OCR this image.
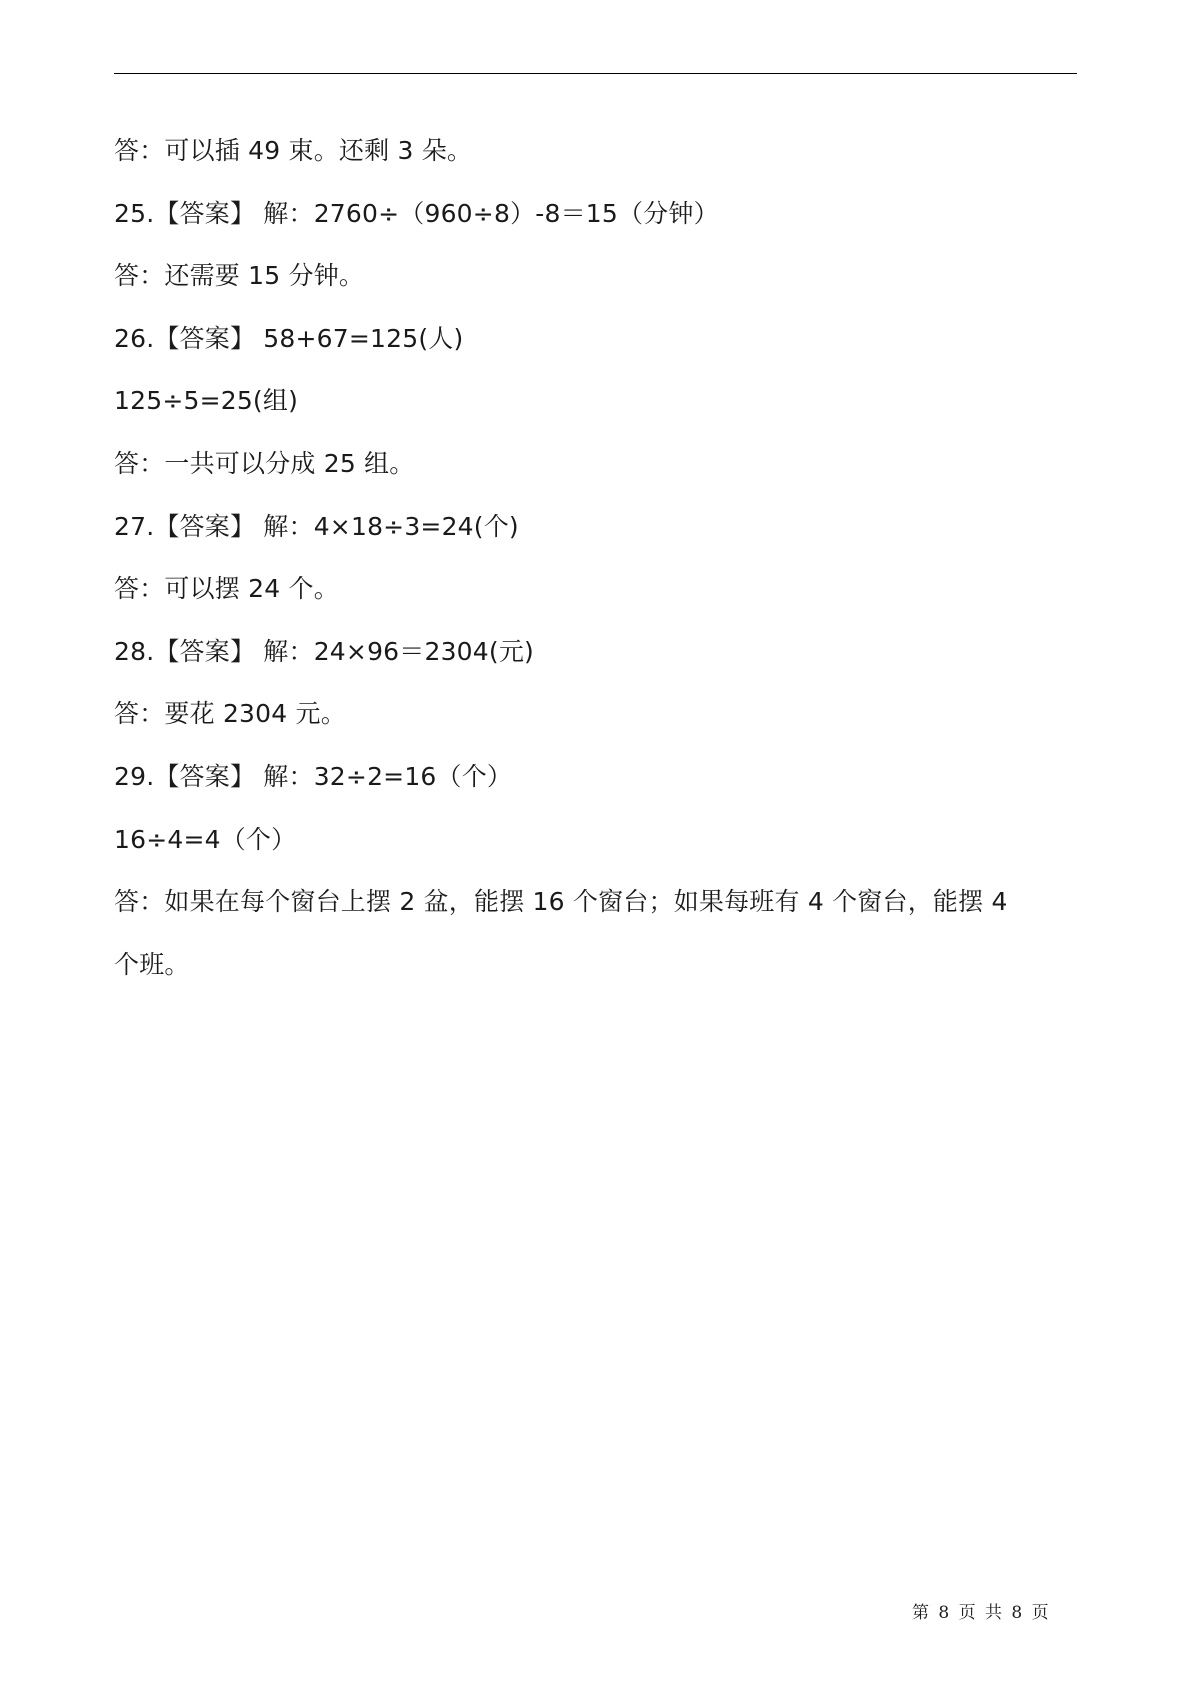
答：可以插 49 束。还剩 3 朵。
25.【答案】 解：2760÷（960÷8）-8＝15（分钟）
答：还需要 15 分钟。
26.【答案】 58+67=125(人)
125÷5=25(组)
答：一共可以分成 25 组。
27.【答案】 解：4×18÷3=24(个)
答：可以摆 24 个。
28.【答案】 解：24×96＝2304(元)
答：要花 2304 元。
29.【答案】 解：32÷2=16（个）
16÷4=4（个）
答：如果在每个窗台上摆 2 盆，能摆 16 个窗台；如果每班有 4 个窗台，能摆 4
个班。
第 8 页 共 8 页
